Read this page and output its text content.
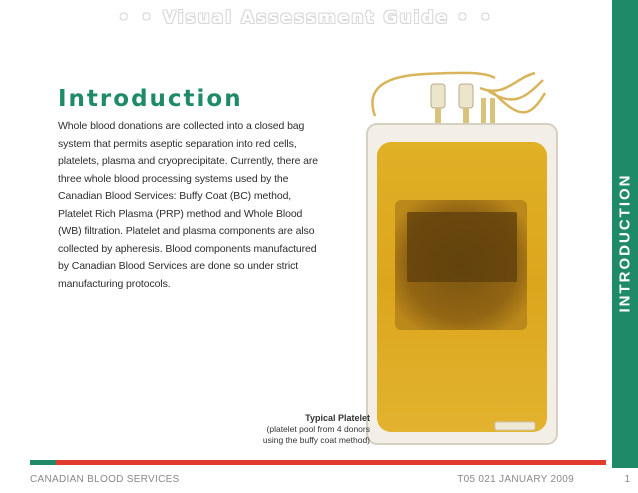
• • Visual Assessment Guide • •
INTRODUCTION
Introduction

Whole blood donations are collected into a closed bag system that permits aseptic separation into red cells, platelets, plasma and cryoprecipitate. Currently, there are three whole blood processing systems used by the Canadian Blood Services: Buffy Coat (BC) method, Platelet Rich Plasma (PRP) method and Whole Blood (WB) filtration. Platelet and plasma components are also collected by apheresis. Blood components manufactured by Canadian Blood Services are done so under strict manufacturing protocols.

Typical Platelet
(platelet pool from 4 donors
using the buffy coat method)
CANADIAN BLOOD SERVICES	T05 021 JANUARY 2009	1
